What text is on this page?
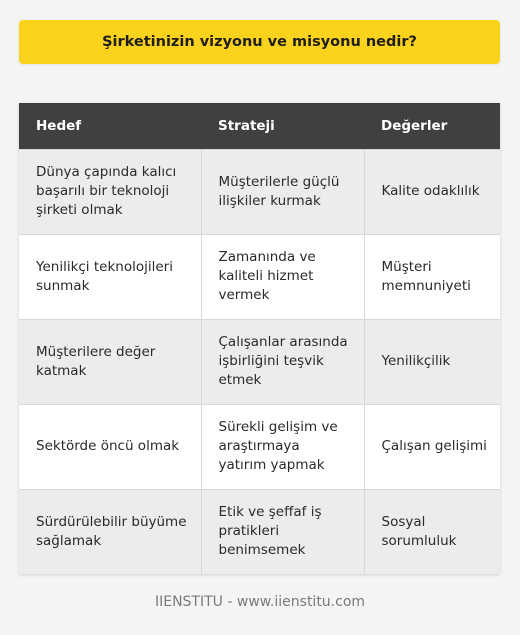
Şirketinizin vizyonu ve misyonu nedir?
Hedef	Strateji	Değerler
Dünya çapında kalıcı başarılı bir teknoloji şirketi olmak	Müşterilerle güçlü ilişkiler kurmak	Kalite odaklılık
Yenilikçi teknolojileri sunmak	Zamanında ve kaliteli hizmet vermek	Müşteri memnuniyeti
Müşterilere değer katmak	Çalışanlar arasında işbirliğini teşvik etmek	Yenilikçilik
Sektörde öncü olmak	Sürekli gelişim ve araştırmaya yatırım yapmak	Çalışan gelişimi
Sürdürülebilir büyüme sağlamak	Etik ve şeffaf iş pratikleri benimsemek	Sosyal sorumluluk
IIENSTITU - www.iienstitu.com
